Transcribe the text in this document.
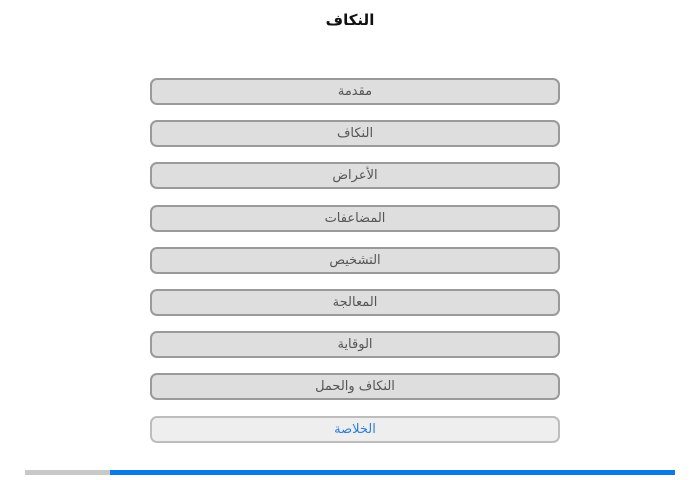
النكاف
مقدمة
النكاف
الأعراض
المضاعفات
التشخيص
المعالجة
الوقاية
النكاف والحمل
الخلاصة
